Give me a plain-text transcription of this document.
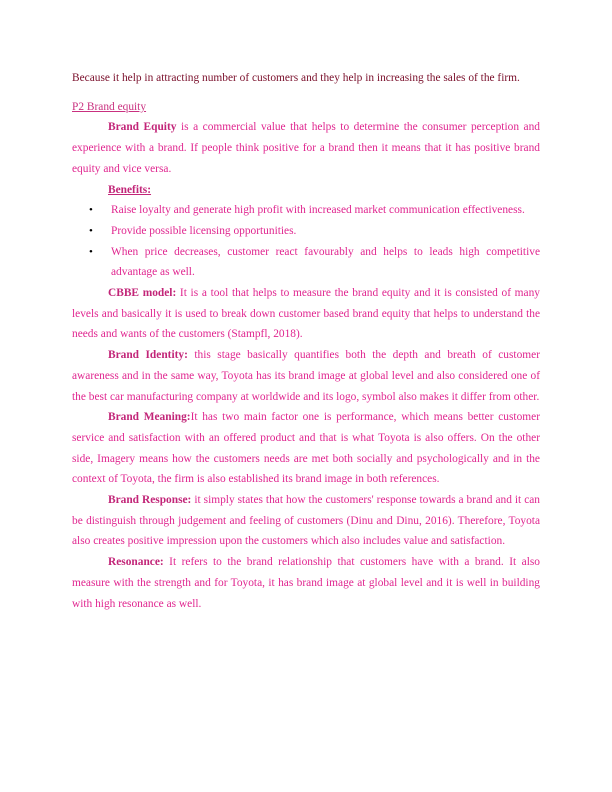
Because it help in attracting number of customers and they help in increasing the sales of the firm.

P2 Brand equity

Brand Equity is a commercial value that helps to determine the consumer perception and experience with a brand. If people think positive for a brand then it means that it has positive brand equity and vice versa.

Benefits:

• Raise loyalty and generate high profit with increased market communication effectiveness.
• Provide possible licensing opportunities.
• When price decreases, customer react favourably and helps to leads high competitive advantage as well.

CBBE model: It is a tool that helps to measure the brand equity and it is consisted of many levels and basically it is used to break down customer based brand equity that helps to understand the needs and wants of the customers (Stampfl, 2018).

Brand Identity: this stage basically quantifies both the depth and breath of customer awareness and in the same way, Toyota has its brand image at global level and also considered one of the best car manufacturing company at worldwide and its logo, symbol also makes it differ from other.

Brand Meaning:It has two main factor one is performance, which means better customer service and satisfaction with an offered product and that is what Toyota is also offers. On the other side, Imagery means how the customers needs are met both socially and psychologically and in the context of Toyota, the firm is also established its brand image in both references.

Brand Response: it simply states that how the customers' response towards a brand and it can be distinguish through judgement and feeling of customers (Dinu and Dinu, 2016). Therefore, Toyota also creates positive impression upon the customers which also includes value and satisfaction.

Resonance: It refers to the brand relationship that customers have with a brand. It also measure with the strength and for Toyota, it has brand image at global level and it is well in building with high resonance as well.
